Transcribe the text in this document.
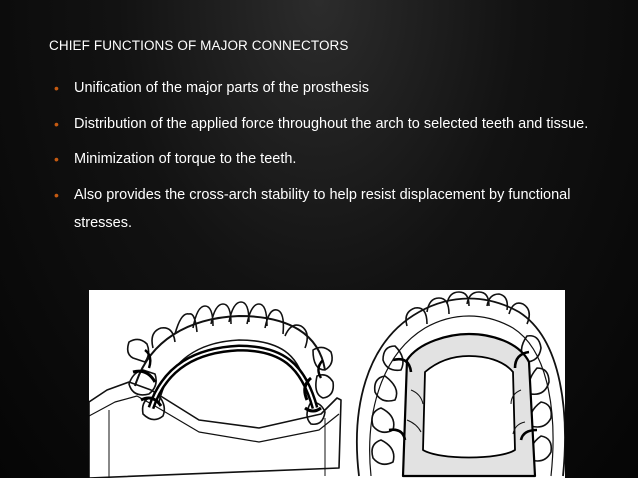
CHIEF FUNCTIONS OF MAJOR CONNECTORS
• Unification of the major parts of the prosthesis
• Distribution of the applied force throughout the arch to selected teeth and tissue.
• Minimization of torque to the teeth.
• Also provides the cross-arch stability to help resist displacement by functional stresses.
